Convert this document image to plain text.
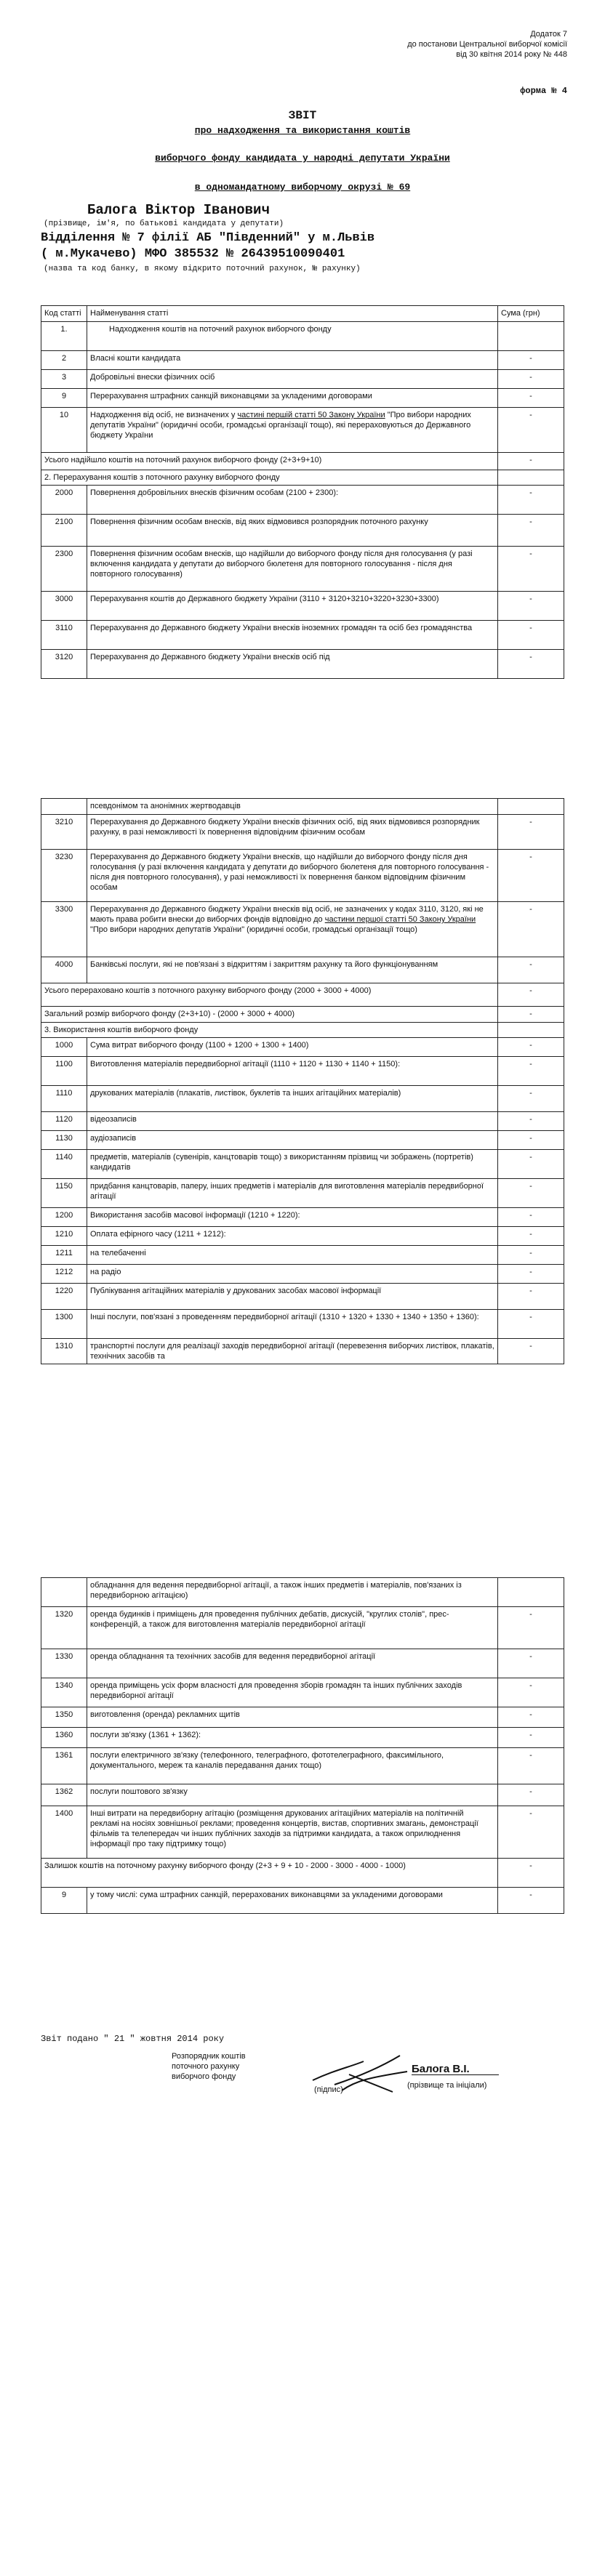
Додаток 7
до постанови Центральної виборчої комісії
від 30 квітня 2014 року № 448
форма № 4
ЗВІТ
про надходження та використання коштів
виборчого фонду кандидата у народні депутати України
в одномандатному виборчому окрузі № 69
Балога Віктор Іванович
(прізвище, ім'я, по батькові кандидата у депутати)
Відділення № 7 філії АБ "Південний" у м.Львів
( м.Мукачево) МФО 385532 № 26439510090401
(назва та код банку, в якому відкрито поточний рахунок, № рахунку)
Код статті	Найменування статті	Сума (грн)
1.	Надходження коштів на поточний рахунок виборчого фонду	
2	Власні кошти кандидата	-
3	Добровільні внески фізичних осіб	-
9	Перерахування штрафних санкцій виконавцями за укладеними договорами	-
10	Надходження від осіб, не визначених у частині першій статті 50 Закону України "Про вибори народних депутатів України" (юридичні особи, громадські організації тощо), які перераховуються до Державного бюджету України	-
Усього надійшло коштів на поточний рахунок виборчого фонду (2+3+9+10)		-
2. Перерахування коштів з поточного рахунку виборчого фонду		
2000	Повернення добровільних внесків фізичним особам (2100 + 2300):	-
2100	Повернення фізичним особам внесків, від яких відмовився розпорядник поточного рахунку	-
2300	Повернення фізичним особам внесків, що надійшли до виборчого фонду після дня голосування (у разі включення кандидата у депутати до виборчого бюлетеня для повторного голосування - після дня повторного голосування)	-
3000	Перерахування коштів до Державного бюджету України (3110 + 3120+3210+3220+3230+3300)	-
3110	Перерахування до Державного бюджету України внесків іноземних громадян та осіб без громадянства	-
3120	Перерахування до Державного бюджету України внесків осіб під	-
	псевдонімом та анонімних жертводавців	
3210	Перерахування до Державного бюджету України внесків фізичних осіб, від яких відмовився розпорядник рахунку, в разі неможливості їх повернення відповідним фізичним особам	-
3230	Перерахування до Державного бюджету України внесків, що надійшли до виборчого фонду після дня голосування (у разі включення кандидата у депутати до виборчого бюлетеня для повторного голосування - після дня повторного голосування), у разі неможливості їх повернення банком відповідним фізичним особам	-
3300	Перерахування до Державного бюджету України внесків від осіб, не зазначених у кодах 3110, 3120, які не мають права робити внески до виборчих фондів відповідно до частини першої статті 50 Закону України "Про вибори народних депутатів України" (юридичні особи, громадські організації тощо)	-
4000	Банківські послуги, які не пов'язані з відкриттям і закриттям рахунку та його функціонуванням	-
Усього перераховано коштів з поточного рахунку виборчого фонду (2000 + 3000 + 4000)		-
Загальний розмір виборчого фонду (2+3+10) - (2000 + 3000 + 4000)		-
3. Використання коштів виборчого фонду		
1000	Сума витрат виборчого фонду (1100 + 1200 + 1300 + 1400)	-
1100	Виготовлення матеріалів передвиборної агітації (1110 + 1120 + 1130 + 1140 + 1150):	-
1110	друкованих матеріалів (плакатів, листівок, буклетів та інших агітаційних матеріалів)	-
1120	відеозаписів	-
1130	аудіозаписів	-
1140	предметів, матеріалів (сувенірів, канцтоварів тощо) з використанням прізвищ чи зображень (портретів) кандидатів	-
1150	придбання канцтоварів, паперу, інших предметів і матеріалів для виготовлення матеріалів передвиборної агітації	-
1200	Використання засобів масової інформації (1210 + 1220):	-
1210	Оплата ефірного часу (1211 + 1212):	-
1211	на телебаченні	-
1212	на радіо	-
1220	Публікування агітаційних матеріалів у друкованих засобах масової інформації	-
1300	Інші послуги, пов'язані з проведенням передвиборної агітації (1310 + 1320 + 1330 + 1340 + 1350 + 1360):	-
1310	транспортні послуги для реалізації заходів передвиборної агітації (перевезення виборчих листівок, плакатів, технічних засобів та	-
	обладнання для ведення передвиборної агітації, а також інших предметів і матеріалів, пов'язаних із передвиборною агітацією)	
1320	оренда будинків і приміщень для проведення публічних дебатів, дискусій, "круглих столів", прес-конференцій, а також для виготовлення матеріалів передвиборної агітації	-
1330	оренда обладнання та технічних засобів для ведення передвиборної агітації	-
1340	оренда приміщень усіх форм власності для проведення зборів громадян та інших публічних заходів передвиборної агітації	-
1350	виготовлення (оренда) рекламних щитів	-
1360	послуги зв'язку (1361 + 1362):	-
1361	послуги електричного зв'язку (телефонного, телеграфного, фототелеграфного, факсимільного, документального, мереж та каналів передавання даних тощо)	-
1362	послуги поштового зв'язку	-
1400	Інші витрати на передвиборну агітацію (розміщення друкованих агітаційних матеріалів на політичній рекламі на носіях зовнішньої реклами; проведення концертів, вистав, спортивних змагань, демонстрації фільмів та телепередач чи інших публічних заходів за підтримки кандидата, а також оприлюднення інформації про таку підтримку тощо)	-
Залишок коштів на поточному рахунку виборчого фонду (2+3 + 9 + 10 - 2000 - 3000 - 4000 - 1000)		-
9	у тому числі: сума штрафних санкцій, перерахованих виконавцями за укладеними договорами	-
Звіт подано " 21 " жовтня 2014 року
Розпорядник коштів
поточного рахунку
виборчого фонду
(підпис)
Балога В.І.
(прізвище та ініціали)
